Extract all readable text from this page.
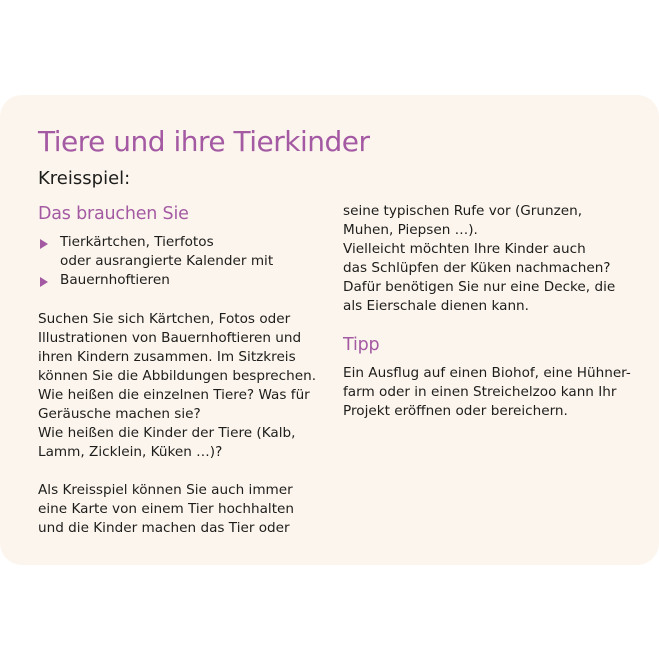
Tiere und ihre Tierkinder
Kreisspiel:
Das brauchen Sie
Tierkärtchen, Tierfotos
oder ausrangierte Kalender mit
Bauernhoftieren

Suchen Sie sich Kärtchen, Fotos oder
Illustrationen von Bauernhoftieren und
ihren Kindern zusammen. Im Sitzkreis
können Sie die Abbildungen besprechen.
Wie heißen die einzelnen Tiere? Was für
Geräusche machen sie?
Wie heißen die Kinder der Tiere (Kalb,
Lamm, Zicklein, Küken …)?

Als Kreisspiel können Sie auch immer
eine Karte von einem Tier hochhalten
und die Kinder machen das Tier oder

seine typischen Rufe vor (Grunzen,
Muhen, Piepsen …).
Vielleicht möchten Ihre Kinder auch
das Schlüpfen der Küken nachmachen?
Dafür benötigen Sie nur eine Decke, die
als Eierschale dienen kann.

Tipp

Ein Ausflug auf einen Biohof, eine Hühner-
farm oder in einen Streichelzoo kann Ihr
Projekt eröffnen oder bereichern.
